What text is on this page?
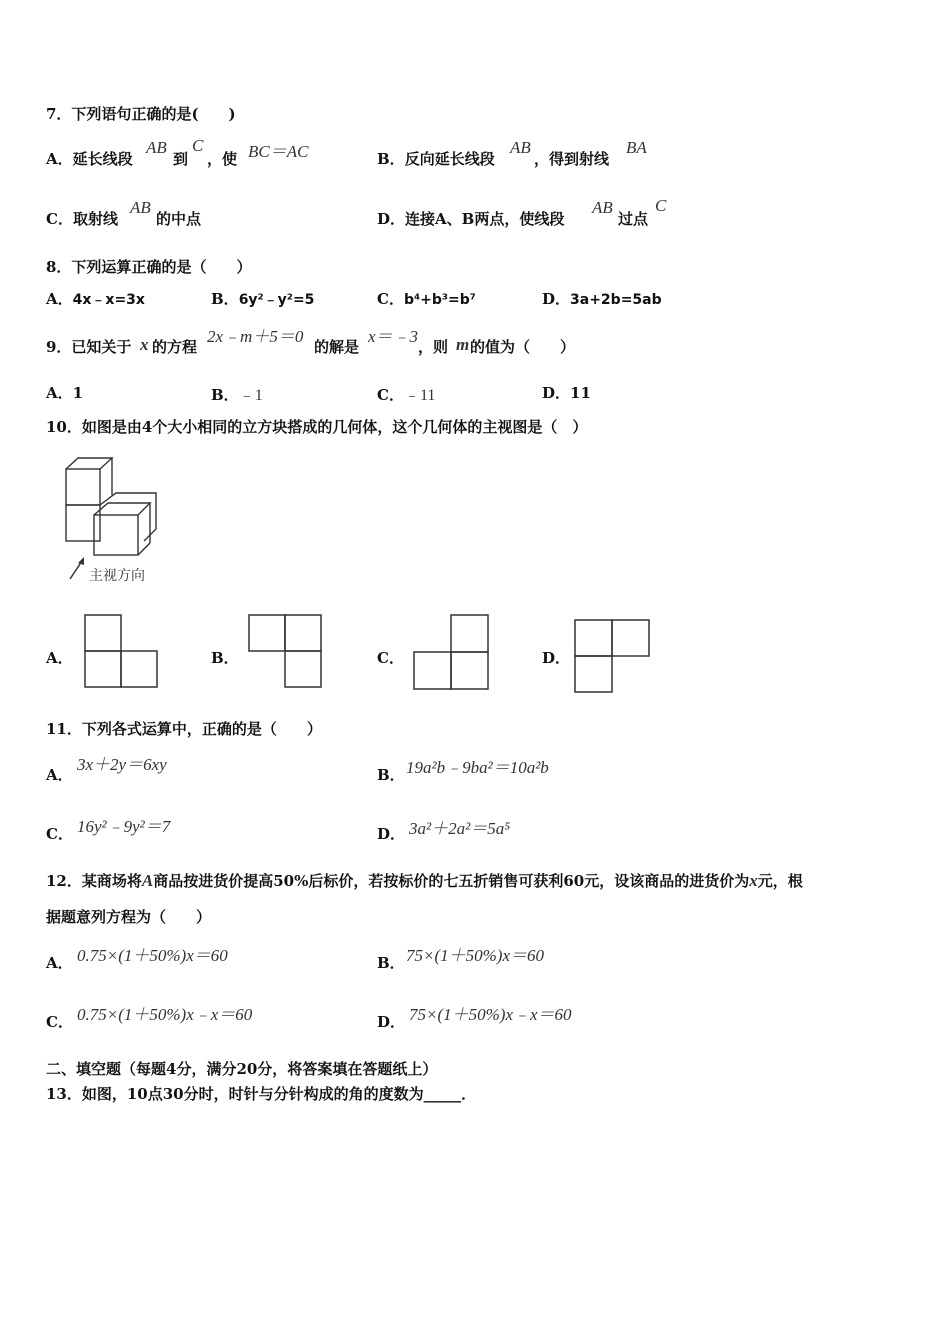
7．下列语句正确的是(　　)
A．延长线段
AB
到
C
，使 BC＝AC	B．反向延长线段
AB
，得到射线
BA
C．取射线
AB
的中点	D．连接A、B两点，使线段
AB
过点
C
8．下列运算正确的是（　　）
A．4x﹣x=3x	B．6y²﹣y²=5	C．b⁴+b³=b⁷	D．3a+2b=5ab
9．已知关于 x 的方程
2x﹣m＋5＝0
的解是
x＝﹣3
，则 m 的值为（　　）
A．1	B．﹣1	C．﹣11	D．11
10．如图是由4个大小相同的立方块搭成的几何体，这个几何体的主视图是（　）
主视方向
A．	B．	C．	D．
11．下列各式运算中，正确的是（　　）
A．
3x＋2y＝6xy
B． 19a²b﹣9ba²＝10a²b
C． 16y²﹣9y²＝7	D． 3a²＋2a²＝5a⁵
12．某商场将A商品按进货价提高50%后标价，若按标价的七五折销售可获利60元，设该商品的进货价为x元，根
据题意列方程为（　　）
A． 0.75×(1＋50%)x＝60	B． 75×(1＋50%)x＝60
C． 0.75×(1＋50%)x﹣x＝60	D． 75×(1＋50%)x﹣x＝60
二、填空题（每题4分，满分20分，将答案填在答题纸上）
13．如图，10点30分时，时针与分针构成的角的度数为_____．
